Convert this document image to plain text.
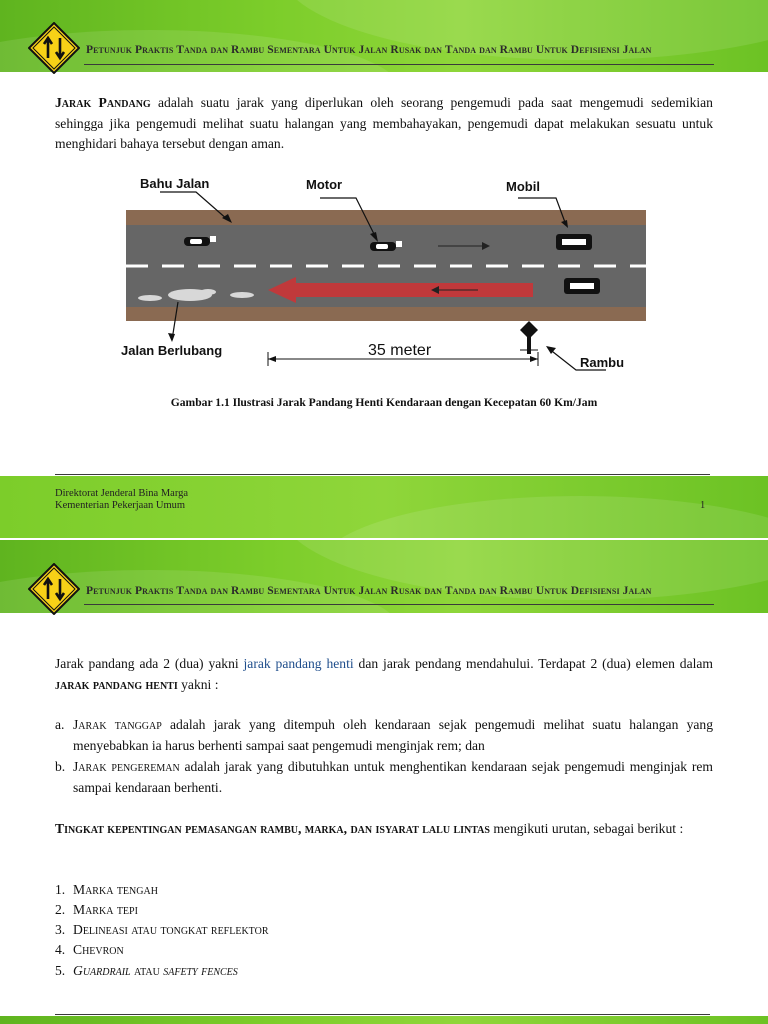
Petunjuk Praktis Tanda dan Rambu Sementara Untuk Jalan Rusak dan Tanda dan Rambu Untuk Defisiensi Jalan
Jarak Pandang adalah suatu jarak yang diperlukan oleh seorang pengemudi pada saat mengemudi sedemikian sehingga jika pengemudi melihat suatu halangan yang membahayakan, pengemudi dapat melakukan sesuatu untuk menghidari bahaya tersebut dengan aman.
Bahu Jalan	Motor	Mobil
Jalan Berlubang	35 meter
Rambu
Gambar 1.1 Ilustrasi Jarak Pandang Henti Kendaraan dengan Kecepatan 60 Km/Jam
Direktorat Jenderal Bina Marga
Kementerian Pekerjaan Umum	1
Petunjuk Praktis Tanda dan Rambu Sementara Untuk Jalan Rusak dan Tanda dan Rambu Untuk Defisiensi Jalan
Jarak pandang ada 2 (dua) yakni jarak pandang henti dan jarak pendang mendahului. Terdapat 2 (dua) elemen dalam jarak pandang henti yakni :
a. Jarak tanggap adalah jarak yang ditempuh oleh kendaraan sejak pengemudi melihat suatu halangan yang menyebabkan ia harus berhenti sampai saat pengemudi menginjak rem; dan
b. Jarak pengereman adalah jarak yang dibutuhkan untuk menghentikan kendaraan sejak pengemudi menginjak rem sampai kendaraan berhenti.
Tingkat kepentingan pemasangan rambu, marka, dan isyarat lalu lintas mengikuti urutan, sebagai berikut :
1. Marka tengah
2. Marka tepi
3. Delineasi atau tongkat reflektor
4. Chevron
5. Guardrail atau safety fences
